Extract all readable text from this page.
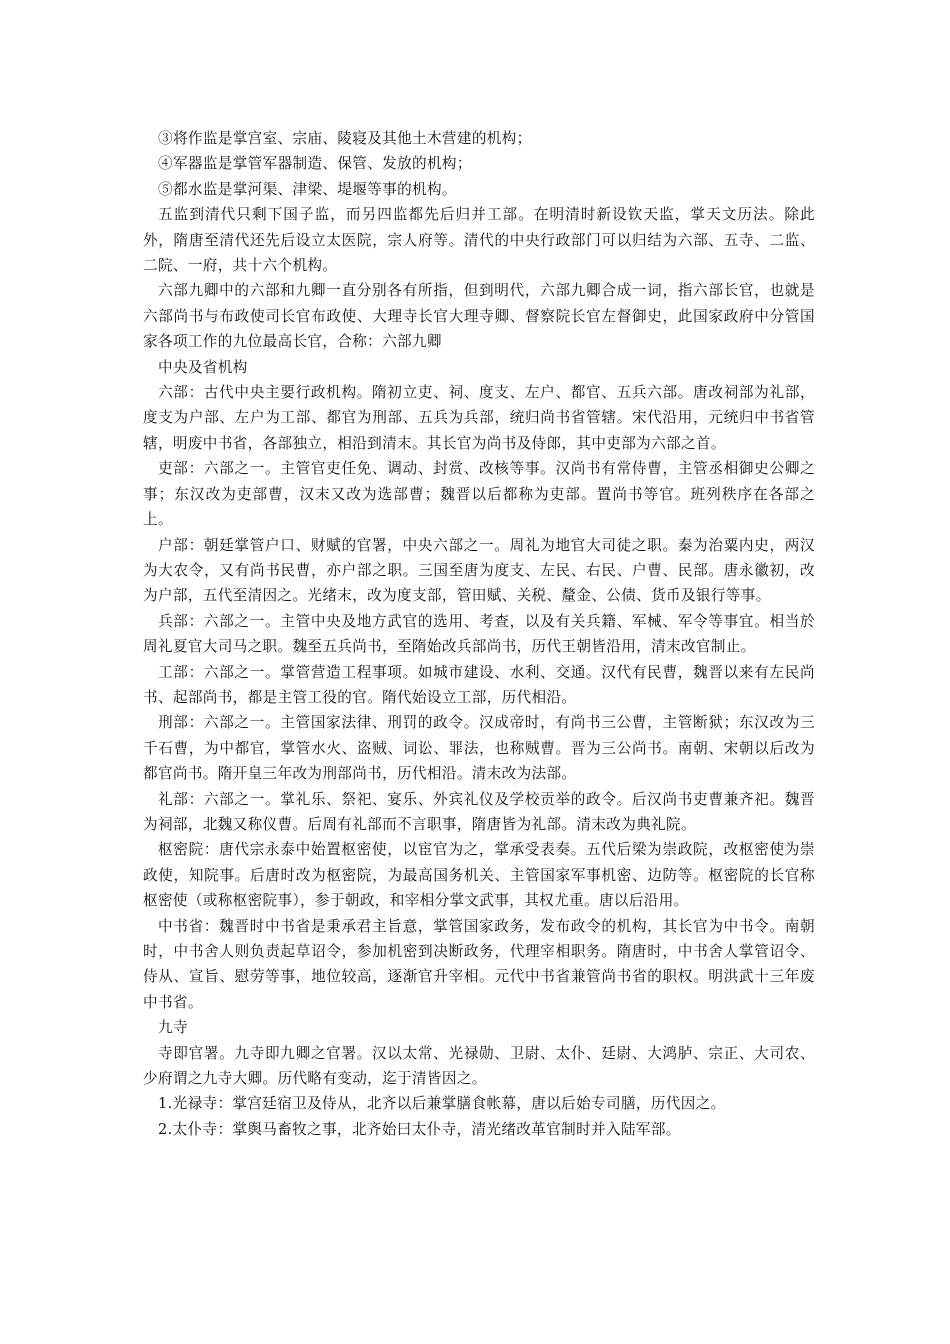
③将作监是掌宫室、宗庙、陵寝及其他土木营建的机构；

④军器监是掌管军器制造、保管、发放的机构；

⑤都水监是掌河渠、津梁、堤堰等事的机构。

五监到清代只剩下国子监，而另四监都先后归并工部。在明清时新设钦天监，掌天文历法。除此外，隋唐至清代还先后设立太医院，宗人府等。清代的中央行政部门可以归结为六部、五寺、二监、二院、一府，共十六个机构。

六部九卿中的六部和九卿一直分别各有所指，但到明代，六部九卿合成一词，指六部长官，也就是六部尚书与布政使司长官布政使、大理寺长官大理寺卿、督察院长官左督御史，此国家政府中分管国家各项工作的九位最高长官，合称：六部九卿

中央及省机构

六部：古代中央主要行政机构。隋初立吏、祠、度支、左户、都官、五兵六部。唐改祠部为礼部，度支为户部、左户为工部、都官为刑部、五兵为兵部，统归尚书省管辖。宋代沿用，元统归中书省管辖，明废中书省，各部独立，相沿到清末。其长官为尚书及侍郎，其中吏部为六部之首。

吏部：六部之一。主管官吏任免、调动、封赏、改核等事。汉尚书有常侍曹，主管丞相御史公卿之事；东汉改为吏部曹，汉末又改为选部曹；魏晋以后都称为吏部。置尚书等官。班列秩序在各部之上。

户部：朝廷掌管户口、财赋的官署，中央六部之一。周礼为地官大司徒之职。秦为治粟内史，两汉为大农令，又有尚书民曹，亦户部之职。三国至唐为度支、左民、右民、户曹、民部。唐永徽初，改为户部，五代至清因之。光绪末，改为度支部，管田赋、关税、釐金、公债、货币及银行等事。

兵部：六部之一。主管中央及地方武官的选用、考查，以及有关兵籍、军械、军令等事宜。相当於周礼夏官大司马之职。魏至五兵尚书，至隋始改兵部尚书，历代王朝皆沿用，清末改官制止。

工部：六部之一。掌管营造工程事项。如城市建设、水利、交通。汉代有民曹，魏晋以来有左民尚书、起部尚书，都是主管工役的官。隋代始设立工部，历代相沿。

刑部：六部之一。主管国家法律、刑罚的政令。汉成帝时，有尚书三公曹，主管断狱；东汉改为三千石曹，为中都官，掌管水火、盗贼、词讼、罪法，也称贼曹。晋为三公尚书。南朝、宋朝以后改为都官尚书。隋开皇三年改为刑部尚书，历代相沿。清末改为法部。

礼部：六部之一。掌礼乐、祭祀、宴乐、外宾礼仪及学校贡举的政令。后汉尚书吏曹兼齐祀。魏晋为祠部，北魏又称仪曹。后周有礼部而不言职事，隋唐皆为礼部。清末改为典礼院。

枢密院：唐代宗永泰中始置枢密使，以宦官为之，掌承受表奏。五代后梁为崇政院，改枢密使为崇政使，知院事。后唐时改为枢密院，为最高国务机关、主管国家军事机密、边防等。枢密院的长官称枢密使（或称枢密院事），参于朝政，和宰相分掌文武事，其权尤重。唐以后沿用。

中书省：魏晋时中书省是秉承君主旨意，掌管国家政务，发布政令的机构，其长官为中书令。南朝时，中书舍人则负责起草诏令，参加机密到决断政务，代理宰相职务。隋唐时，中书舍人掌管诏令、侍从、宣旨、慰劳等事，地位较高，逐渐官升宰相。元代中书省兼管尚书省的职权。明洪武十三年废中书省。

九寺

寺即官署。九寺即九卿之官署。汉以太常、光禄勋、卫尉、太仆、廷尉、大鸿胪、宗正、大司农、少府谓之九寺大卿。历代略有变动，迄于清皆因之。

1.光禄寺：掌宫廷宿卫及侍从，北齐以后兼掌膳食帐幕，唐以后始专司膳，历代因之。

2.太仆寺：掌舆马畜牧之事，北齐始曰太仆寺，清光绪改革官制时并入陆军部。
